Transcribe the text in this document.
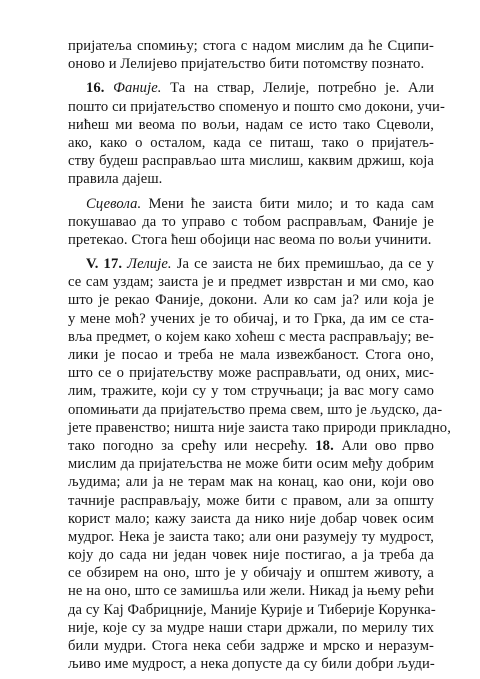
пријатеља спомињу; стога с надом мислим да ће Сципи-
оново и Лелијево пријатељство бити потомству познато.
16. Фаније. Та на ствар, Лелије, потребно је. Али
пошто си пријатељство споменуо и пошто смо докони, учи-
нићеш ми веома по вољи, надам се исто тако Сцеволи,
ако, како о осталом, када се питаш, тако о пријатељ-
ству будеш расправљао шта мислиш, каквим држиш, која
правила дајеш.
Сцевола. Мени ће заиста бити мило; и то када сам
покушавао да то управо с тобом расправљам, Фаније је
претекао. Стога ћеш обојици нас веома по вољи учинити.
V. 17. Лелије. Ја се заиста не бих премишљао, да се у
се сам уздам; заиста је и предмет изврстан и ми смо, као
што је рекао Фаније, докони. Али ко сам ја? или која је
у мене моћ? учених је то обичај, и то Грка, да им се ста-
вља предмет, о којем како хоћеш с места расправљају; ве-
лики је посао и треба не мала извежбаност. Стога оно,
што се о пријатељству може расправљати, од оних, мис-
лим, тражите, који су у том стручњаци; ја вас могу само
опомињати да пријатељство према свем, што је људско, да-
јете правенство; ништа није заиста тако природи прикладно,
тако погодно за срећу или несрећу. 18. Али ово прво
мислим да пријатељства не може бити осим међу добрим
људима; али ја не терам мак на конац, као они, који ово
тачније расправљају, може бити с правом, али за општу
корист мало; кажу заиста да нико није добар човек осим
мудрог. Нека је заиста тако; али они разумеју ту мудрост,
коју до сада ни један човек није постигао, а ја треба да
се обзирем на оно, што је у обичају и општем животу, а
не на оно, што се замишља или жели. Никад ја њему рећи
да су Кај Фабрицније, Маније Курије и Тиберије Корунка-
није, које су за мудре наши стари држали, по мерилу тих
били мудри. Стога нека себи задрже и мрско и неразум-
љиво име мудрост, а нека допусте да су били добри људи-
